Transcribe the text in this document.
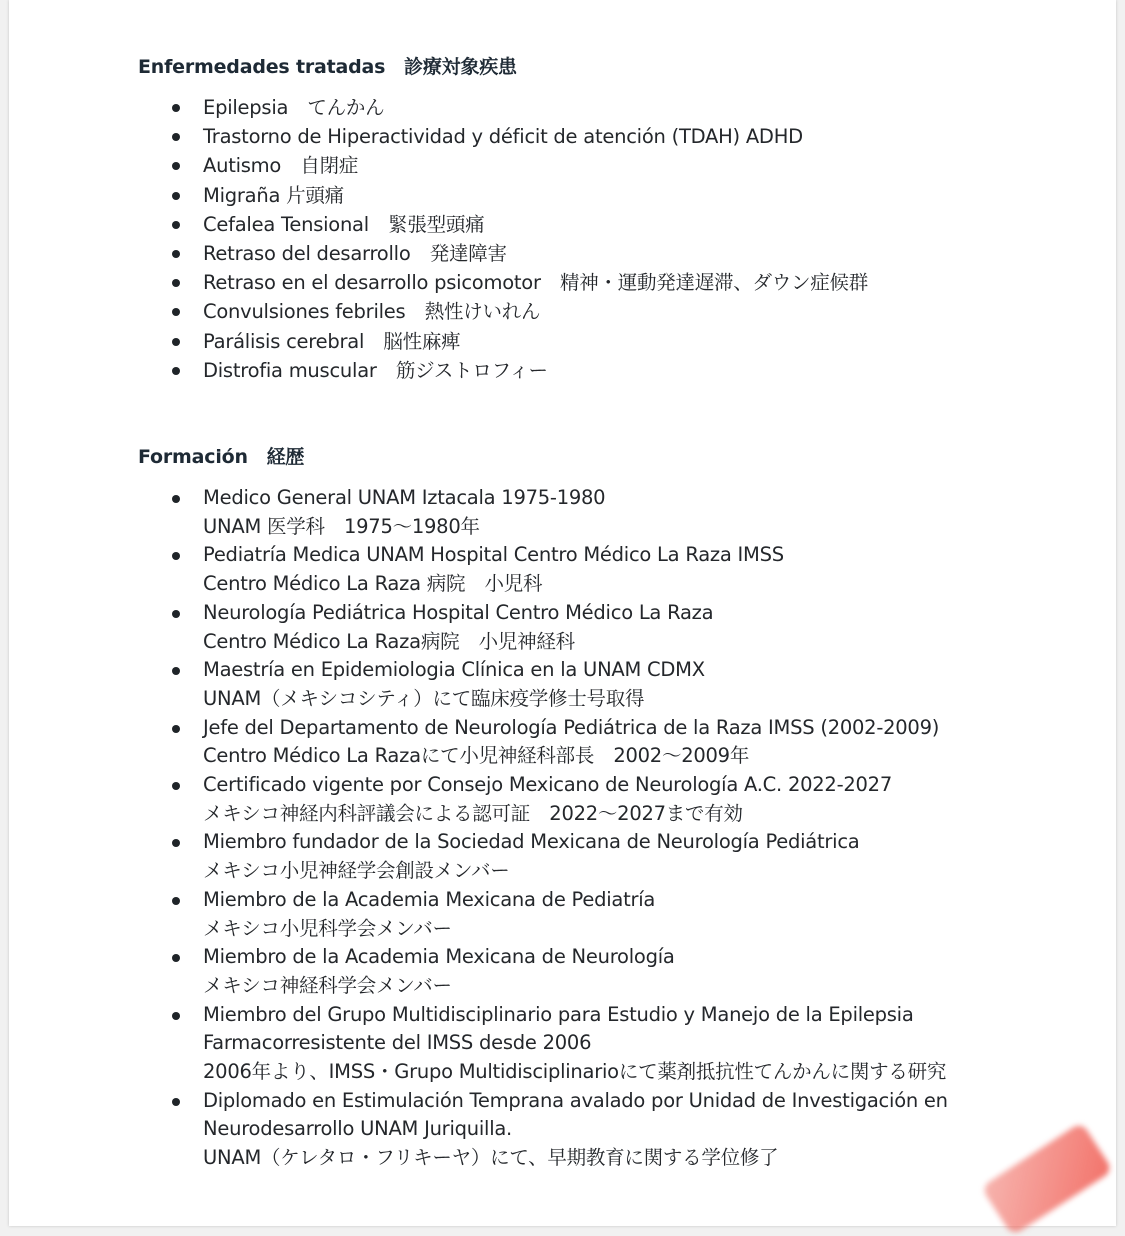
Enfermedades tratadas　診療対象疾患
Epilepsia　てんかん
Trastorno de Hiperactividad y déficit de atención (TDAH) ADHD
Autismo　自閉症
Migraña 片頭痛
Cefalea Tensional　緊張型頭痛
Retraso del desarrollo　発達障害
Retraso en el desarrollo psicomotor　精神・運動発達遅滞、ダウン症候群
Convulsiones febriles　熱性けいれん
Parálisis cerebral　脳性麻痺
Distrofia muscular　筋ジストロフィー
Formación　経歴
Medico General UNAM Iztacala 1975-1980
UNAM 医学科　1975～1980年
Pediatría Medica UNAM Hospital Centro Médico La Raza IMSS
Centro Médico La Raza 病院　小児科
Neurología Pediátrica Hospital Centro Médico La Raza
Centro Médico La Raza病院　小児神経科
Maestría en Epidemiologia Clínica en la UNAM CDMX
UNAM（メキシコシティ）にて臨床疫学修士号取得
Jefe del Departamento de Neurología Pediátrica de la Raza IMSS (2002-2009)
Centro Médico La Razaにて小児神経科部長　2002～2009年
Certificado vigente por Consejo Mexicano de Neurología A.C. 2022-2027
メキシコ神経内科評議会による認可証　2022～2027まで有効
Miembro fundador de la Sociedad Mexicana de Neurología Pediátrica
メキシコ小児神経学会創設メンバー
Miembro de la Academia Mexicana de Pediatría
メキシコ小児科学会メンバー
Miembro de la Academia Mexicana de Neurología
メキシコ神経科学会メンバー
Miembro del Grupo Multidisciplinario para Estudio y Manejo de la Epilepsia
Farmacorresistente del IMSS desde 2006
2006年より、IMSS・Grupo Multidisciplinarioにて薬剤抵抗性てんかんに関する研究
Diplomado en Estimulación Temprana avalado por Unidad de Investigación en
Neurodesarrollo UNAM Juriquilla.
UNAM（ケレタロ・フリキーヤ）にて、早期教育に関する学位修了
